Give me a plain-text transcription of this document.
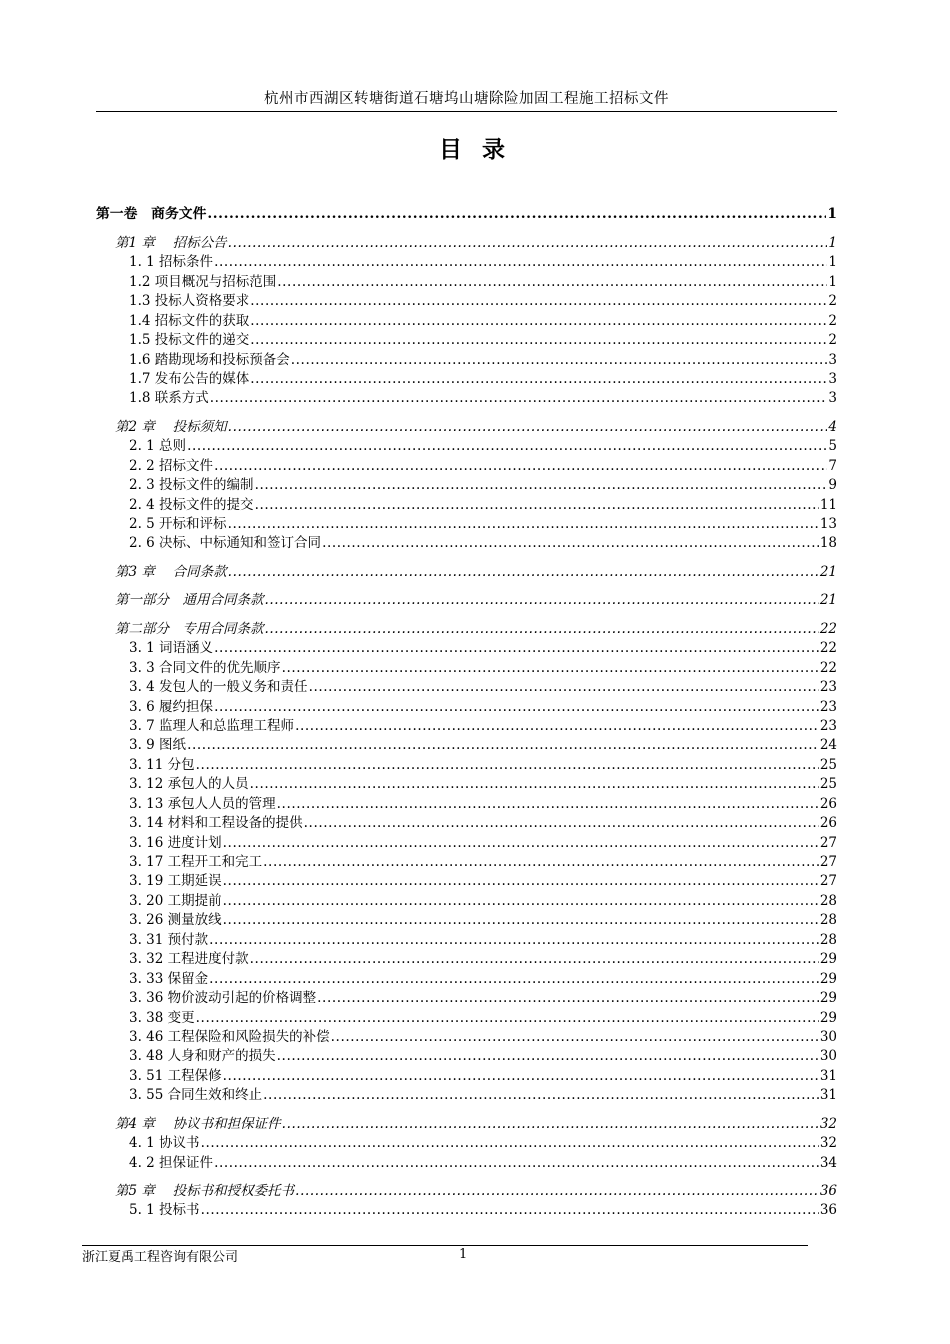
杭州市西湖区转塘街道石塘坞山塘除险加固工程施工招标文件
目 录
第一卷　商务文件 .....	1
第1 章　 招标公告 .....	1
1. 1 招标条件 .....	1
1.2 项目概况与招标范围 .....	1
1.3 投标人资格要求 .....	2
1.4 招标文件的获取 .....	2
1.5 投标文件的递交 .....	2
1.6 踏勘现场和投标预备会 .....	3
1.7 发布公告的媒体 .....	3
1.8 联系方式 .....	3
第2 章　 投标须知 .....	4
2. 1 总则 .....	5
2. 2 招标文件 .....	7
2. 3 投标文件的编制 .....	9
2. 4 投标文件的提交 .....	11
2. 5 开标和评标 .....	13
2. 6 决标、中标通知和签订合同 .....	18
第3 章　 合同条款 .....	21
第一部分　通用合同条款 .....	21
第二部分　专用合同条款 .....	22
3. 1 词语涵义 .....	22
3. 3 合同文件的优先顺序 .....	22
3. 4 发包人的一般义务和责任 .....	23
3. 6 履约担保 .....	23
3. 7 监理人和总监理工程师 .....	23
3. 9 图纸 .....	24
3. 11 分包 .....	25
3. 12 承包人的人员 .....	25
3. 13 承包人人员的管理 .....	26
3. 14 材料和工程设备的提供 .....	26
3. 16 进度计划 .....	27
3. 17 工程开工和完工 .....	27
3. 19 工期延误 .....	27
3. 20 工期提前 .....	28
3. 26 测量放线 .....	28
3. 31 预付款 .....	28
3. 32 工程进度付款 .....	29
3. 33 保留金 .....	29
3. 36 物价波动引起的价格调整 .....	29
3. 38 变更 .....	29
3. 46 工程保险和风险损失的补偿 .....	30
3. 48 人身和财产的损失 .....	30
3. 51 工程保修 .....	31
3. 55 合同生效和终止 .....	31
第4 章　 协议书和担保证件 .....	32
4. 1 协议书 .....	32
4. 2 担保证件 .....	34
第5 章　 投标书和授权委托书 .....	36
5. 1 投标书 .....	36
浙江夏禹工程咨询有限公司	1
